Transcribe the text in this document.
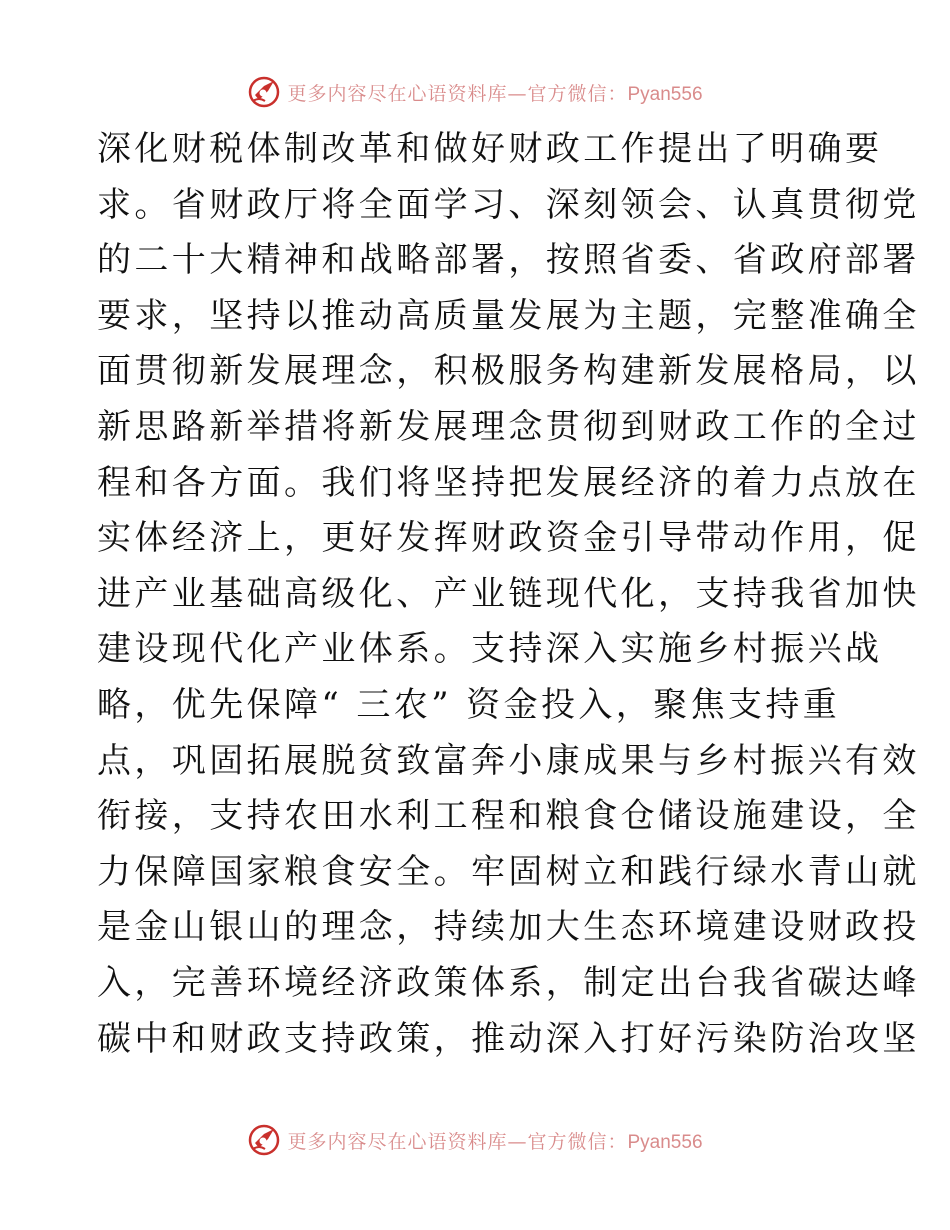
更多内容尽在心语资料库—官方微信：Pyan556
深化财税体制改革和做好财政工作提出了明确要
求。省财政厅将全面学习、深刻领会、认真贯彻党
的二十大精神和战略部署，按照省委、省政府部署
要求，坚持以推动高质量发展为主题，完整准确全
面贯彻新发展理念，积极服务构建新发展格局，以
新思路新举措将新发展理念贯彻到财政工作的全过
程和各方面。我们将坚持把发展经济的着力点放在
实体经济上，更好发挥财政资金引导带动作用，促
进产业基础高级化、产业链现代化，支持我省加快
建设现代化产业体系。支持深入实施乡村振兴战
略，优先保障“ 三农” 资金投入，聚焦支持重
点，巩固拓展脱贫致富奔小康成果与乡村振兴有效
衔接，支持农田水利工程和粮食仓储设施建设，全
力保障国家粮食安全。牢固树立和践行绿水青山就
是金山银山的理念，持续加大生态环境建设财政投
入，完善环境经济政策体系，制定出台我省碳达峰
碳中和财政支持政策，推动深入打好污染防治攻坚
更多内容尽在心语资料库—官方微信：Pyan556
